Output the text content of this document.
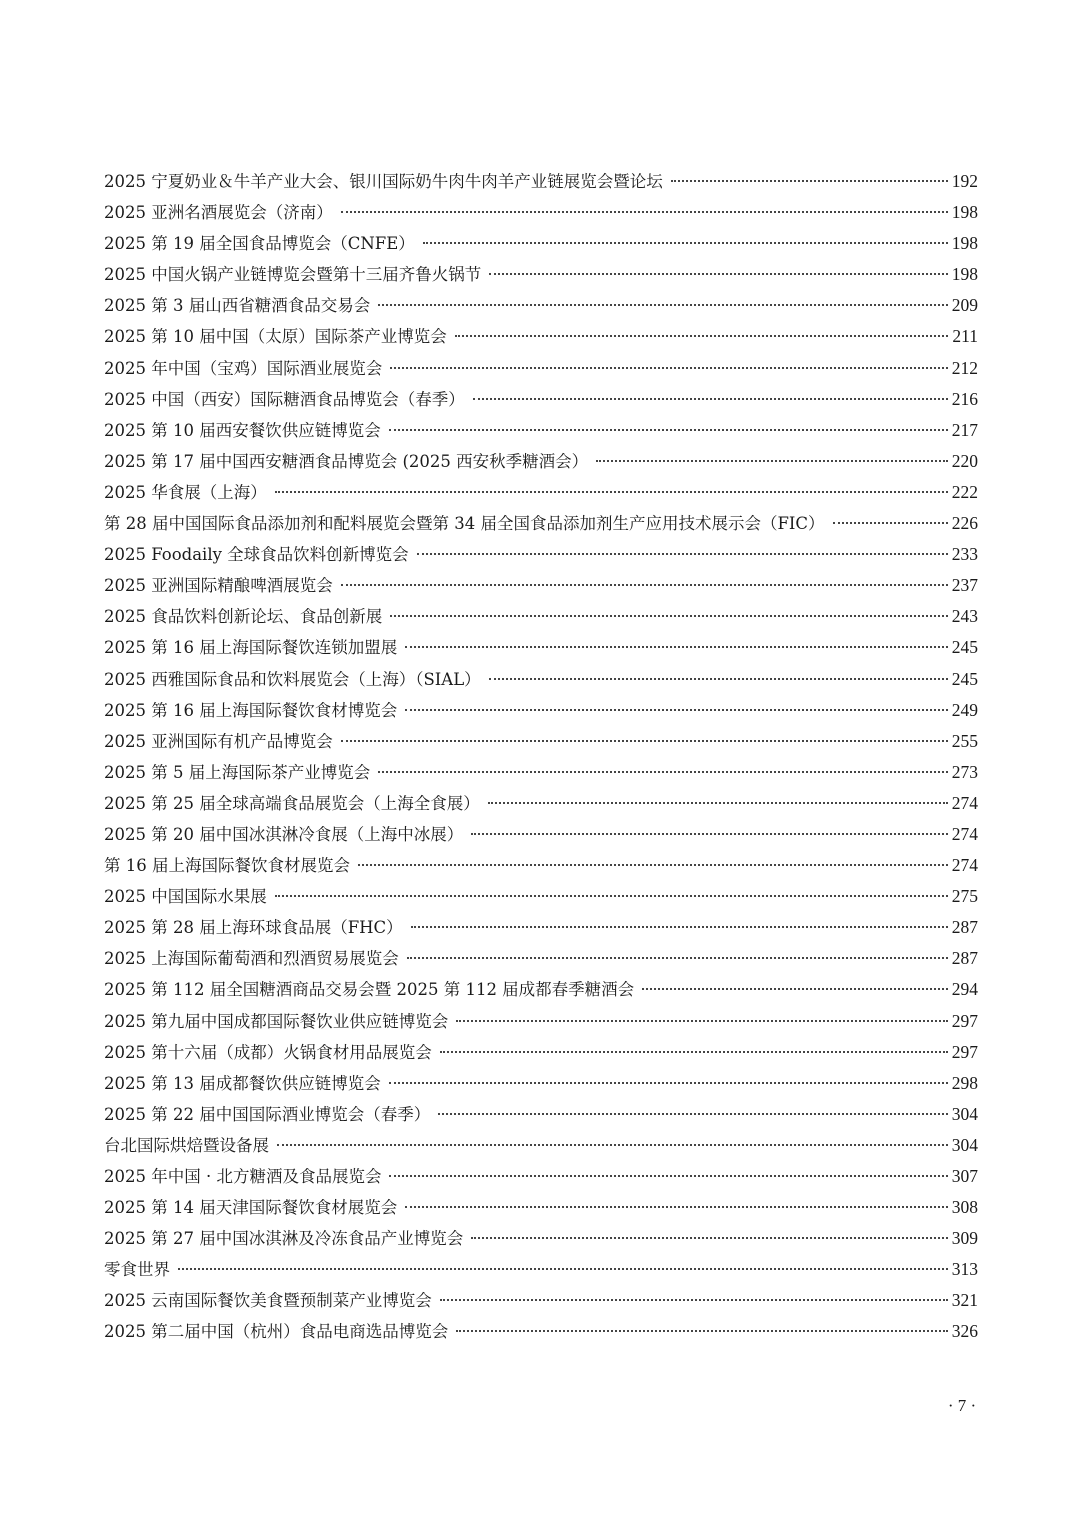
2025 宁夏奶业＆牛羊产业大会、银川国际奶牛肉牛肉羊产业链展览会暨论坛	192
2025 亚洲名酒展览会（济南）	198
2025 第 19 届全国食品博览会（CNFE）	198
2025 中国火锅产业链博览会暨第十三届齐鲁火锅节	198
2025 第 3 届山西省糖酒食品交易会	209
2025 第 10 届中国（太原）国际茶产业博览会	211
2025 年中国（宝鸡）国际酒业展览会	212
2025 中国（西安）国际糖酒食品博览会（春季）	216
2025 第 10 届西安餐饮供应链博览会	217
2025 第 17 届中国西安糖酒食品博览会 (2025 西安秋季糖酒会）	220
2025 华食展（上海）	222
第 28 届中国国际食品添加剂和配料展览会暨第 34 届全国食品添加剂生产应用技术展示会（FIC）	226
2025 Foodaily 全球食品饮料创新博览会	233
2025 亚洲国际精酿啤酒展览会	237
2025 食品饮料创新论坛、食品创新展	243
2025 第 16 届上海国际餐饮连锁加盟展	245
2025 西雅国际食品和饮料展览会（上海）（SIAL）	245
2025 第 16 届上海国际餐饮食材博览会	249
2025 亚洲国际有机产品博览会	255
2025 第 5 届上海国际茶产业博览会	273
2025 第 25 届全球高端食品展览会（上海全食展）	274
2025 第 20 届中国冰淇淋冷食展（上海中冰展）	274
第 16 届上海国际餐饮食材展览会	274
2025 中国国际水果展	275
2025 第 28 届上海环球食品展（FHC）	287
2025 上海国际葡萄酒和烈酒贸易展览会	287
2025 第 112 届全国糖酒商品交易会暨 2025 第 112 届成都春季糖酒会	294
2025 第九届中国成都国际餐饮业供应链博览会	297
2025 第十六届（成都）火锅食材用品展览会	297
2025 第 13 届成都餐饮供应链博览会	298
2025 第 22 届中国国际酒业博览会（春季）	304
台北国际烘焙暨设备展	304
2025 年中国 · 北方糖酒及食品展览会	307
2025 第 14 届天津国际餐饮食材展览会	308
2025 第 27 届中国冰淇淋及冷冻食品产业博览会	309
零食世界	313
2025 云南国际餐饮美食暨预制菜产业博览会	321
2025 第二届中国（杭州）食品电商选品博览会	326
· 7 ·
